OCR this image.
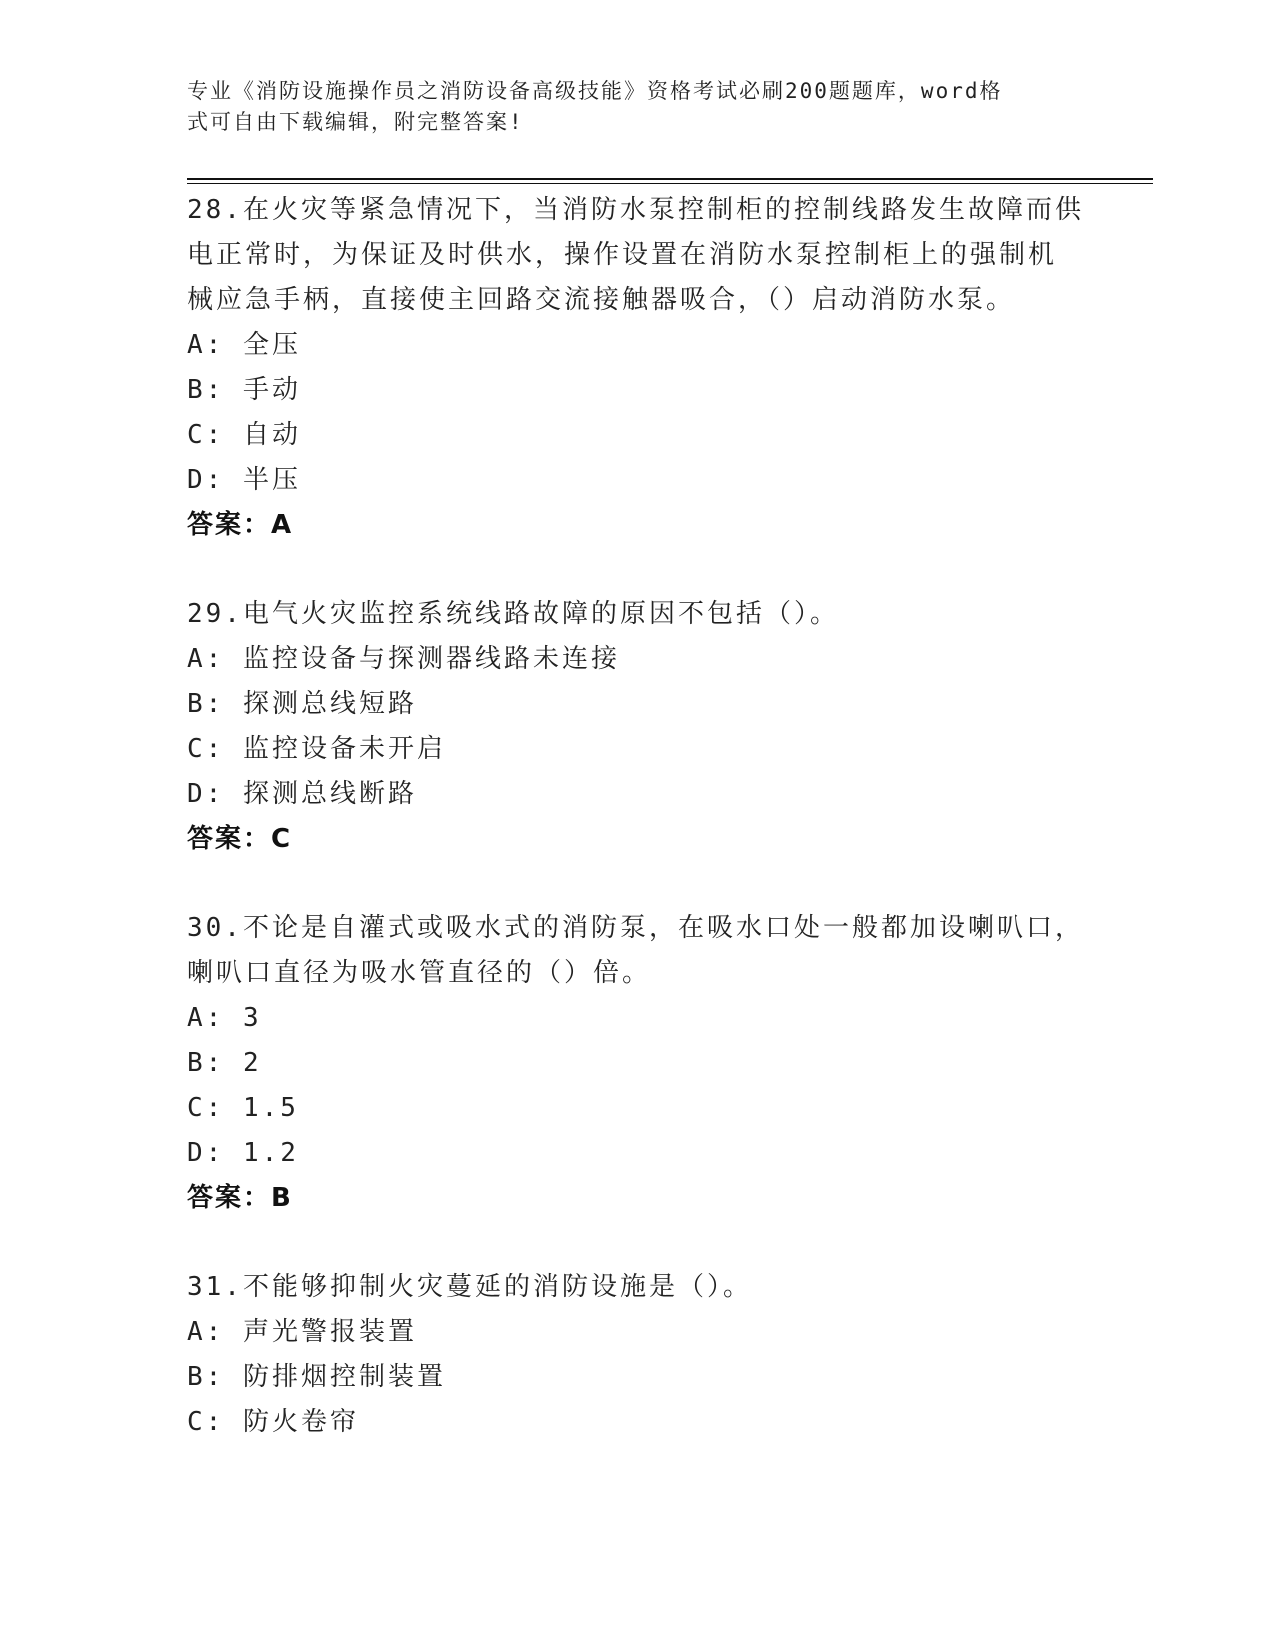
专业《消防设施操作员之消防设备高级技能》资格考试必刷200题题库，word格
式可自由下载编辑，附完整答案!

28.在火灾等紧急情况下，当消防水泵控制柜的控制线路发生故障而供

电正常时，为保证及时供水，操作设置在消防水泵控制柜上的强制机

械应急手柄，直接使主回路交流接触器吸合，（）启动消防水泵。

A: 全压

B: 手动

C: 自动

D: 半压

答案：A

29.电气火灾监控系统线路故障的原因不包括（）。

A: 监控设备与探测器线路未连接

B: 探测总线短路

C: 监控设备未开启

D: 探测总线断路

答案：C

30.不论是自灌式或吸水式的消防泵，在吸水口处一般都加设喇叭口，

喇叭口直径为吸水管直径的（）倍。

A: 3

B: 2

C: 1.5

D: 1.2

答案：B

31.不能够抑制火灾蔓延的消防设施是（）。

A: 声光警报装置

B: 防排烟控制装置

C: 防火卷帘
